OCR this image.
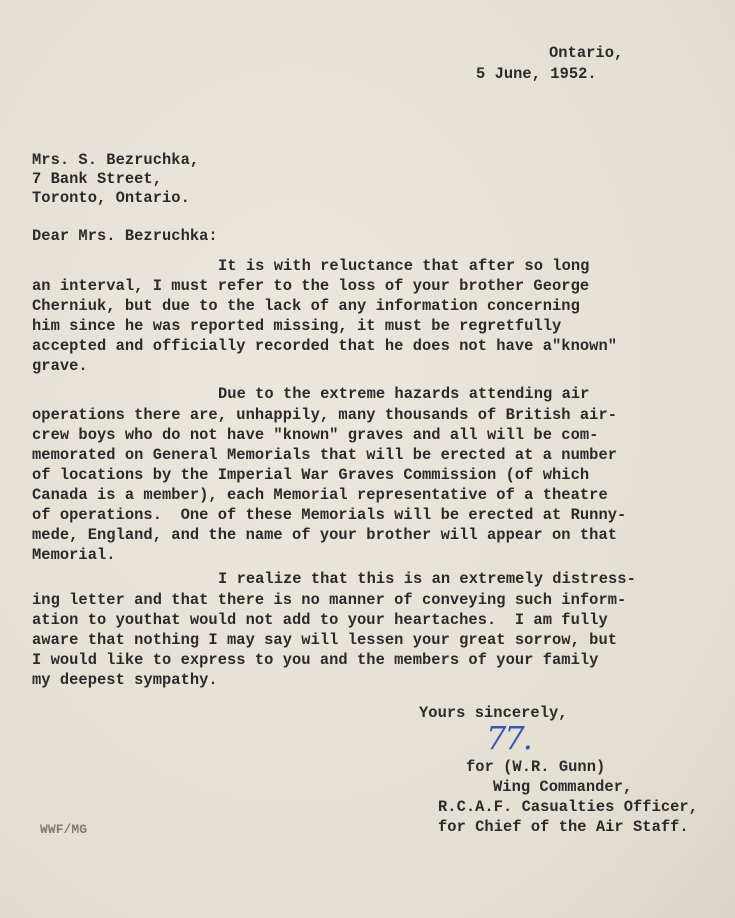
Ontario,
5 June, 1952.
Mrs. S. Bezruchka,
7 Bank Street,
Toronto, Ontario.
Dear Mrs. Bezruchka:
It is with reluctance that after so long
an interval, I must refer to the loss of your brother George
Cherniuk, but due to the lack of any information concerning
him since he was reported missing, it must be regretfully
accepted and officially recorded that he does not have a"known"
grave.
Due to the extreme hazards attending air
operations there are, unhappily, many thousands of British air-
crew boys who do not have "known" graves and all will be com-
memorated on General Memorials that will be erected at a number
of locations by the Imperial War Graves Commission (of which
Canada is a member), each Memorial representative of a theatre
of operations.  One of these Memorials will be erected at Runny-
mede, England, and the name of your brother will appear on that
Memorial.
I realize that this is an extremely distress-
ing letter and that there is no manner of conveying such inform-
ation to youthat would not add to your heartaches.  I am fully
aware that nothing I may say will lessen your great sorrow, but
I would like to express to you and the members of your family
my deepest sympathy.
Yours sincerely,
77.
for (W.R. Gunn)
Wing Commander,
R.C.A.F. Casualties Officer,
for Chief of the Air Staff.
WWF/MG
